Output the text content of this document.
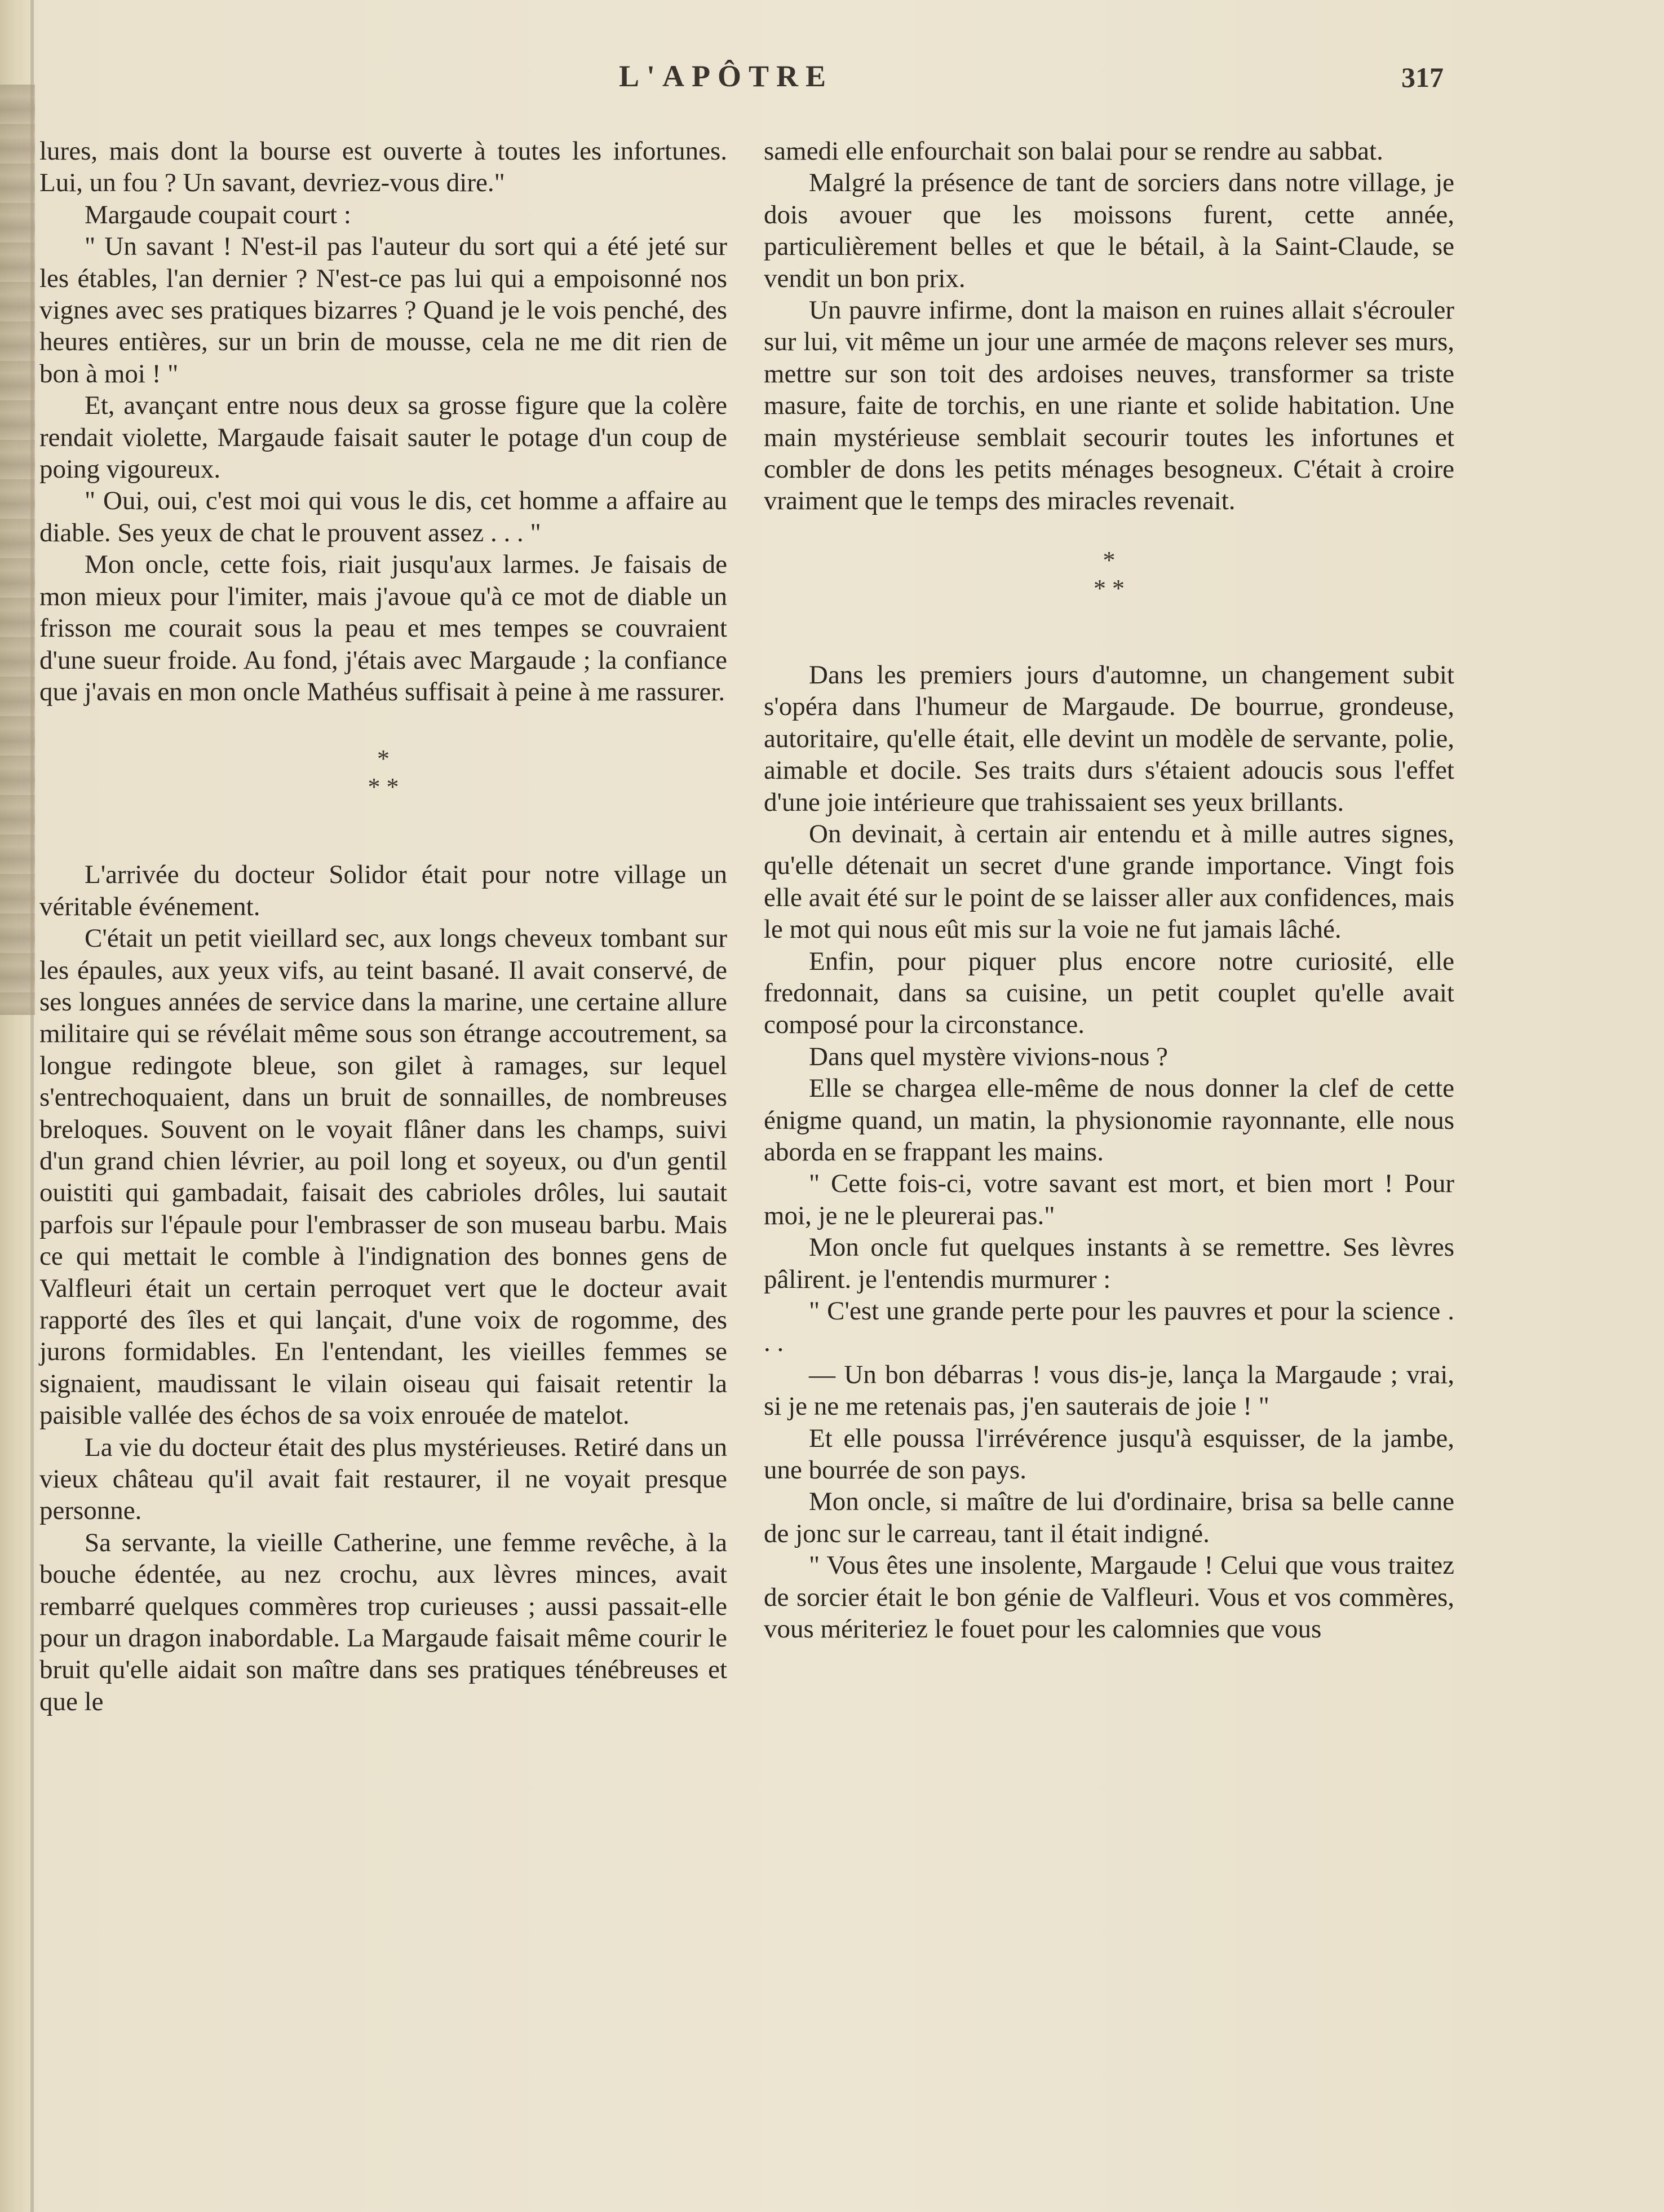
L'APÔTRE	317

lures, mais dont la bourse est ouverte à toutes les infortunes. Lui, un fou ? Un savant, devriez-vous dire."

Margaude coupait court :

" Un savant ! N'est-il pas l'auteur du sort qui a été jeté sur les étables, l'an dernier ? N'est-ce pas lui qui a empoisonné nos vignes avec ses pratiques bizarres ? Quand je le vois penché, des heures entières, sur un brin de mousse, cela ne me dit rien de bon à moi ! "

Et, avançant entre nous deux sa grosse figure que la colère rendait violette, Margaude faisait sauter le potage d'un coup de poing vigoureux.

" Oui, oui, c'est moi qui vous le dis, cet homme a affaire au diable. Ses yeux de chat le prouvent assez . . . "

Mon oncle, cette fois, riait jusqu'aux larmes. Je faisais de mon mieux pour l'imiter, mais j'avoue qu'à ce mot de diable un frisson me courait sous la peau et mes tempes se couvraient d'une sueur froide. Au fond, j'étais avec Margaude ; la confiance que j'avais en mon oncle Mathéus suffisait à peine à me rassurer.

*
* *

L'arrivée du docteur Solidor était pour notre village un véritable événement.

C'était un petit vieillard sec, aux longs cheveux tombant sur les épaules, aux yeux vifs, au teint basané. Il avait conservé, de ses longues années de service dans la marine, une certaine allure militaire qui se révélait même sous son étrange accoutrement, sa longue redingote bleue, son gilet à ramages, sur lequel s'entrechoquaient, dans un bruit de sonnailles, de nombreuses breloques. Souvent on le voyait flâner dans les champs, suivi d'un grand chien lévrier, au poil long et soyeux, ou d'un gentil ouistiti qui gambadait, faisait des cabrioles drôles, lui sautait parfois sur l'épaule pour l'embrasser de son museau barbu. Mais ce qui mettait le comble à l'indignation des bonnes gens de Valfleuri était un certain perroquet vert que le docteur avait rapporté des îles et qui lançait, d'une voix de rogomme, des jurons formidables. En l'entendant, les vieilles femmes se signaient, maudissant le vilain oiseau qui faisait retentir la paisible vallée des échos de sa voix enrouée de matelot.

La vie du docteur était des plus mystérieuses. Retiré dans un vieux château qu'il avait fait restaurer, il ne voyait presque personne.

Sa servante, la vieille Catherine, une femme revêche, à la bouche édentée, au nez crochu, aux lèvres minces, avait rembarré quelques commères trop curieuses ; aussi passait-elle pour un dragon inabordable. La Margaude faisait même courir le bruit qu'elle aidait son maître dans ses pratiques ténébreuses et que le

samedi elle enfourchait son balai pour se rendre au sabbat.

Malgré la présence de tant de sorciers dans notre village, je dois avouer que les moissons furent, cette année, particulièrement belles et que le bétail, à la Saint-Claude, se vendit un bon prix.

Un pauvre infirme, dont la maison en ruines allait s'écrouler sur lui, vit même un jour une armée de maçons relever ses murs, mettre sur son toit des ardoises neuves, transformer sa triste masure, faite de torchis, en une riante et solide habitation. Une main mystérieuse semblait secourir toutes les infortunes et combler de dons les petits ménages besogneux. C'était à croire vraiment que le temps des miracles revenait.

*
* *

Dans les premiers jours d'automne, un changement subit s'opéra dans l'humeur de Margaude. De bourrue, grondeuse, autoritaire, qu'elle était, elle devint un modèle de servante, polie, aimable et docile. Ses traits durs s'étaient adoucis sous l'effet d'une joie intérieure que trahissaient ses yeux brillants.

On devinait, à certain air entendu et à mille autres signes, qu'elle détenait un secret d'une grande importance. Vingt fois elle avait été sur le point de se laisser aller aux confidences, mais le mot qui nous eût mis sur la voie ne fut jamais lâché.

Enfin, pour piquer plus encore notre curiosité, elle fredonnait, dans sa cuisine, un petit couplet qu'elle avait composé pour la circonstance.

Dans quel mystère vivions-nous ?

Elle se chargea elle-même de nous donner la clef de cette énigme quand, un matin, la physionomie rayonnante, elle nous aborda en se frappant les mains.

" Cette fois-ci, votre savant est mort, et bien mort ! Pour moi, je ne le pleurerai pas."

Mon oncle fut quelques instants à se remettre. Ses lèvres pâlirent. je l'entendis murmurer :

" C'est une grande perte pour les pauvres et pour la science . . .

— Un bon débarras ! vous dis-je, lança la Margaude ; vrai, si je ne me retenais pas, j'en sauterais de joie ! "

Et elle poussa l'irrévérence jusqu'à esquisser, de la jambe, une bourrée de son pays.

Mon oncle, si maître de lui d'ordinaire, brisa sa belle canne de jonc sur le carreau, tant il était indigné.

" Vous êtes une insolente, Margaude ! Celui que vous traitez de sorcier était le bon génie de Valfleuri. Vous et vos commères, vous mériteriez le fouet pour les calomnies que vous
